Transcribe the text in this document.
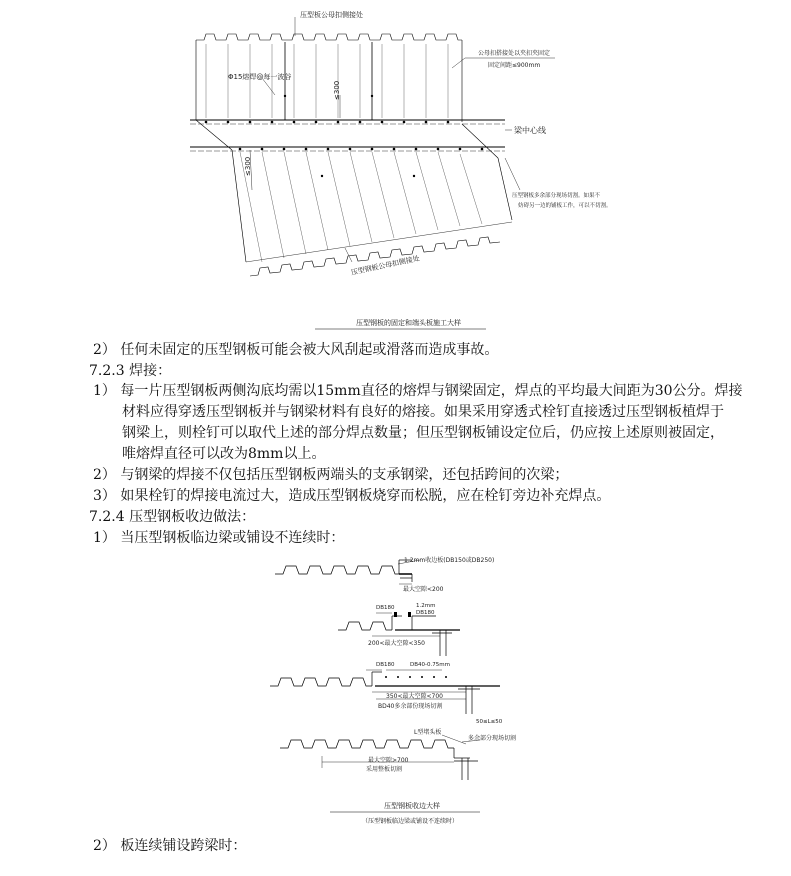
压型板公母扣侧接处
Φ15熔焊@每一波谷
公母扣搭接处以夹扣夹固定
固定间距≤900mm
≤300
梁中心线
≤300
压型钢板多余部分现场切割。如果不
妨碍另一边的铺板工作，可以不切割。
压型钢板公母扣侧接处
压型钢板的固定和端头板施工大样
2） 任何未固定的压型钢板可能会被大风刮起或滑落而造成事故。
7.2.3 焊接：
1） 每一片压型钢板两侧沟底均需以15mm直径的熔焊与钢梁固定，焊点的平均最大间距为30公分。焊接
材料应得穿透压型钢板并与钢梁材料有良好的熔接。如果采用穿透式栓钉直接透过压型钢板植焊于
钢梁上，则栓钉可以取代上述的部分焊点数量；但压型钢板铺设定位后，仍应按上述原则被固定，
唯熔焊直径可以改为8mm以上。
2） 与钢梁的焊接不仅包括压型钢板两端头的支承钢梁，还包括跨间的次梁；
3） 如果栓钉的焊接电流过大，造成压型钢板烧穿而松脱，应在栓钉旁边补充焊点。
7.2.4 压型钢板收边做法：
1） 当压型钢板临边梁或铺设不连续时：
1.2mm收边板(DB150或DB250)
最大空隙<200
DB180	1.2mm
DB180
200<最大空隙<350
DB180	DB40-0.75mm
350<最大空隙<700
BD40多余部份现场切割
L型堵头板
50≤L≤50
多余部分现场切割
最大空隙>700
采用整板切割
压型钢板收边大样
（压型钢板临边梁或铺设不连续时）
2） 板连续铺设跨梁时：
